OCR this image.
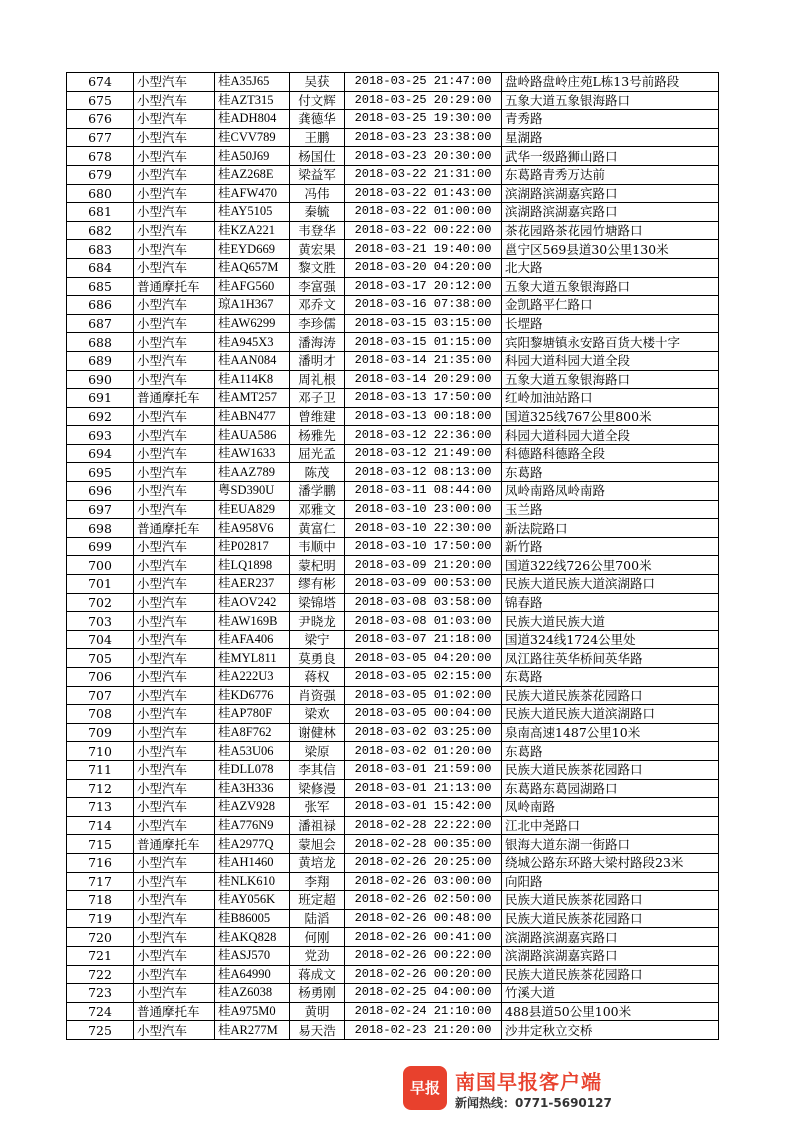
674	小型汽车	桂A35J65	吴获	2018-03-25 21:47:00	盘岭路盘岭庄苑L栋13号前路段
675	小型汽车	桂AZT315	付文辉	2018-03-25 20:29:00	五象大道五象银海路口
676	小型汽车	桂ADH804	龚德华	2018-03-25 19:30:00	青秀路
677	小型汽车	桂CVV789	王鹏	2018-03-23 23:38:00	星湖路
678	小型汽车	桂A50J69	杨国仕	2018-03-23 20:30:00	武华一级路狮山路口
679	小型汽车	桂AZ268E	梁益军	2018-03-22 21:31:00	东葛路青秀万达前
680	小型汽车	桂AFW470	冯伟	2018-03-22 01:43:00	滨湖路滨湖嘉宾路口
681	小型汽车	桂AY5105	秦毓	2018-03-22 01:00:00	滨湖路滨湖嘉宾路口
682	小型汽车	桂KZA221	韦登华	2018-03-22 00:22:00	茶花园路茶花园竹塘路口
683	小型汽车	桂EYD669	黄宏果	2018-03-21 19:40:00	邕宁区569县道30公里130米
684	小型汽车	桂AQ657M	黎文胜	2018-03-20 04:20:00	北大路
685	普通摩托车	桂AFG560	李富强	2018-03-17 20:12:00	五象大道五象银海路口
686	小型汽车	琼A1H367	邓乔文	2018-03-16 07:38:00	金凯路平仁路口
687	小型汽车	桂AW6299	李珍儒	2018-03-15 03:15:00	长堽路
688	小型汽车	桂A945X3	潘海涛	2018-03-15 01:15:00	宾阳黎塘镇永安路百货大楼十字
689	小型汽车	桂AAN084	潘明才	2018-03-14 21:35:00	科园大道科园大道全段
690	小型汽车	桂A114K8	周礼根	2018-03-14 20:29:00	五象大道五象银海路口
691	普通摩托车	桂AMT257	邓子卫	2018-03-13 17:50:00	红岭加油站路口
692	小型汽车	桂ABN477	曾维建	2018-03-13 00:18:00	国道325线767公里800米
693	小型汽车	桂AUA586	杨雅先	2018-03-12 22:36:00	科园大道科园大道全段
694	小型汽车	桂AW1633	屈光孟	2018-03-12 21:49:00	科德路科德路全段
695	小型汽车	桂AAZ789	陈茂	2018-03-12 08:13:00	东葛路
696	小型汽车	粤SD390U	潘学鹏	2018-03-11 08:44:00	凤岭南路凤岭南路
697	小型汽车	桂EUA829	邓雅文	2018-03-10 23:00:00	玉兰路
698	普通摩托车	桂A958V6	黄富仁	2018-03-10 22:30:00	新法院路口
699	小型汽车	桂P02817	韦顺中	2018-03-10 17:50:00	新竹路
700	小型汽车	桂LQ1898	蒙杞明	2018-03-09 21:20:00	国道322线726公里700米
701	小型汽车	桂AER237	缪有彬	2018-03-09 00:53:00	民族大道民族大道滨湖路口
702	小型汽车	桂AOV242	梁锦塔	2018-03-08 03:58:00	锦春路
703	小型汽车	桂AW169B	尹晓龙	2018-03-08 01:03:00	民族大道民族大道
704	小型汽车	桂AFA406	梁宁	2018-03-07 21:18:00	国道324线1724公里处
705	小型汽车	桂MYL811	莫勇良	2018-03-05 04:20:00	凤江路往英华桥间英华路
706	小型汽车	桂A222U3	蒋权	2018-03-05 02:15:00	东葛路
707	小型汽车	桂KD6776	肖资强	2018-03-05 01:02:00	民族大道民族茶花园路口
708	小型汽车	桂AP780F	梁欢	2018-03-05 00:04:00	民族大道民族大道滨湖路口
709	小型汽车	桂A8F762	谢健林	2018-03-02 03:25:00	泉南高速1487公里10米
710	小型汽车	桂A53U06	梁原	2018-03-02 01:20:00	东葛路
711	小型汽车	桂DLL078	李其信	2018-03-01 21:59:00	民族大道民族茶花园路口
712	小型汽车	桂A3H336	梁修漫	2018-03-01 21:13:00	东葛路东葛园湖路口
713	小型汽车	桂AZV928	张军	2018-03-01 15:42:00	凤岭南路
714	小型汽车	桂A776N9	潘祖禄	2018-02-28 22:22:00	江北中尧路口
715	普通摩托车	桂A2977Q	蒙旭会	2018-02-28 00:35:00	银海大道东湖一街路口
716	小型汽车	桂AH1460	黄培龙	2018-02-26 20:25:00	绕城公路东环路大梁村路段23米
717	小型汽车	桂NLK610	李翔	2018-02-26 03:00:00	向阳路
718	小型汽车	桂AY056K	班定超	2018-02-26 02:50:00	民族大道民族茶花园路口
719	小型汽车	桂B86005	陆滔	2018-02-26 00:48:00	民族大道民族茶花园路口
720	小型汽车	桂AKQ828	何刚	2018-02-26 00:41:00	滨湖路滨湖嘉宾路口
721	小型汽车	桂ASJ570	党劲	2018-02-26 00:22:00	滨湖路滨湖嘉宾路口
722	小型汽车	桂A64990	蒋成文	2018-02-26 00:20:00	民族大道民族茶花园路口
723	小型汽车	桂AZ6038	杨勇刚	2018-02-25 04:00:00	竹溪大道
724	普通摩托车	桂A975M0	黄明	2018-02-24 21:10:00	488县道50公里100米
725	小型汽车	桂AR277M	易天浩	2018-02-23 21:20:00	沙井定秋立交桥
早报 南国早报客户端
新闻热线：0771-5690127
